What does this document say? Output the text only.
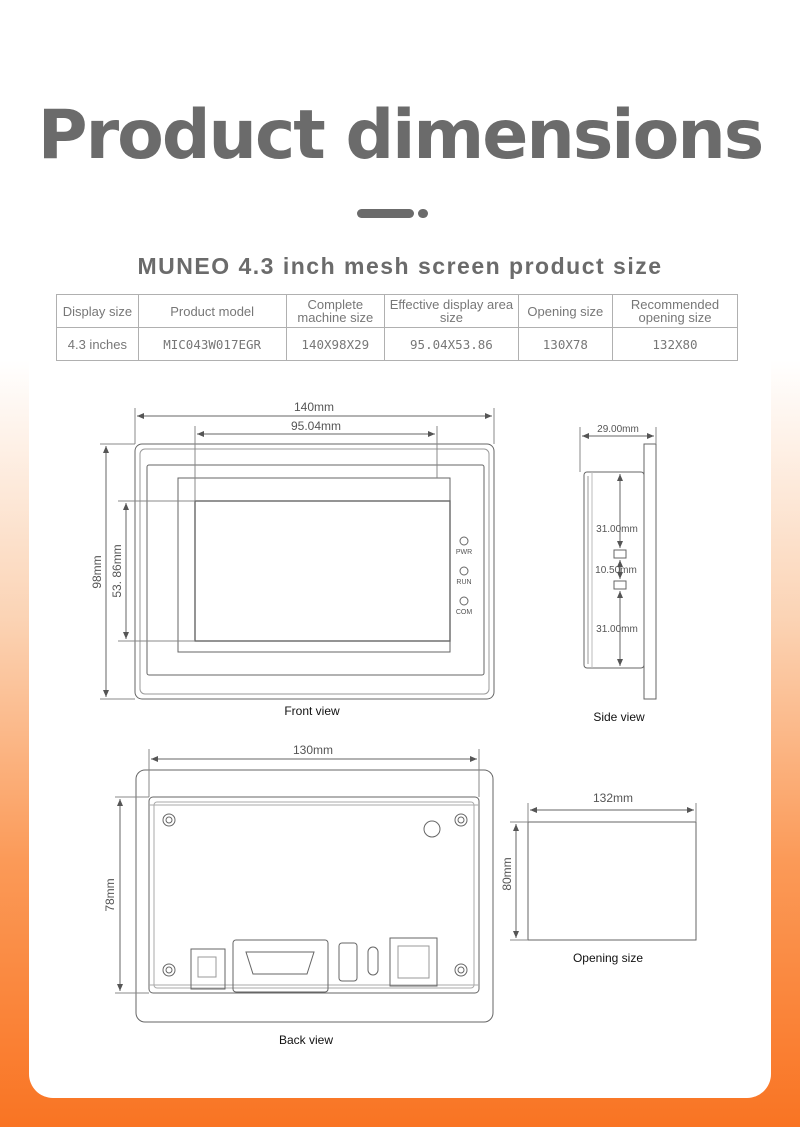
Product dimensions
MUNEO 4.3 inch mesh screen product size
Display size	Product model	Complete machine size	Effective display area size	Opening size	Recommended opening size
4.3 inches	MIC043W017EGR	140X98X29	95.04X53.86	130X78	132X80
140mm
95.04mm
98mm 53. 86mm	PWR
RUN
COM
Front view
29.00mm
31.00mm
10.50mm
31.00mm
Side view
130mm
78mm
Back view
132mm
80mm
Opening size
